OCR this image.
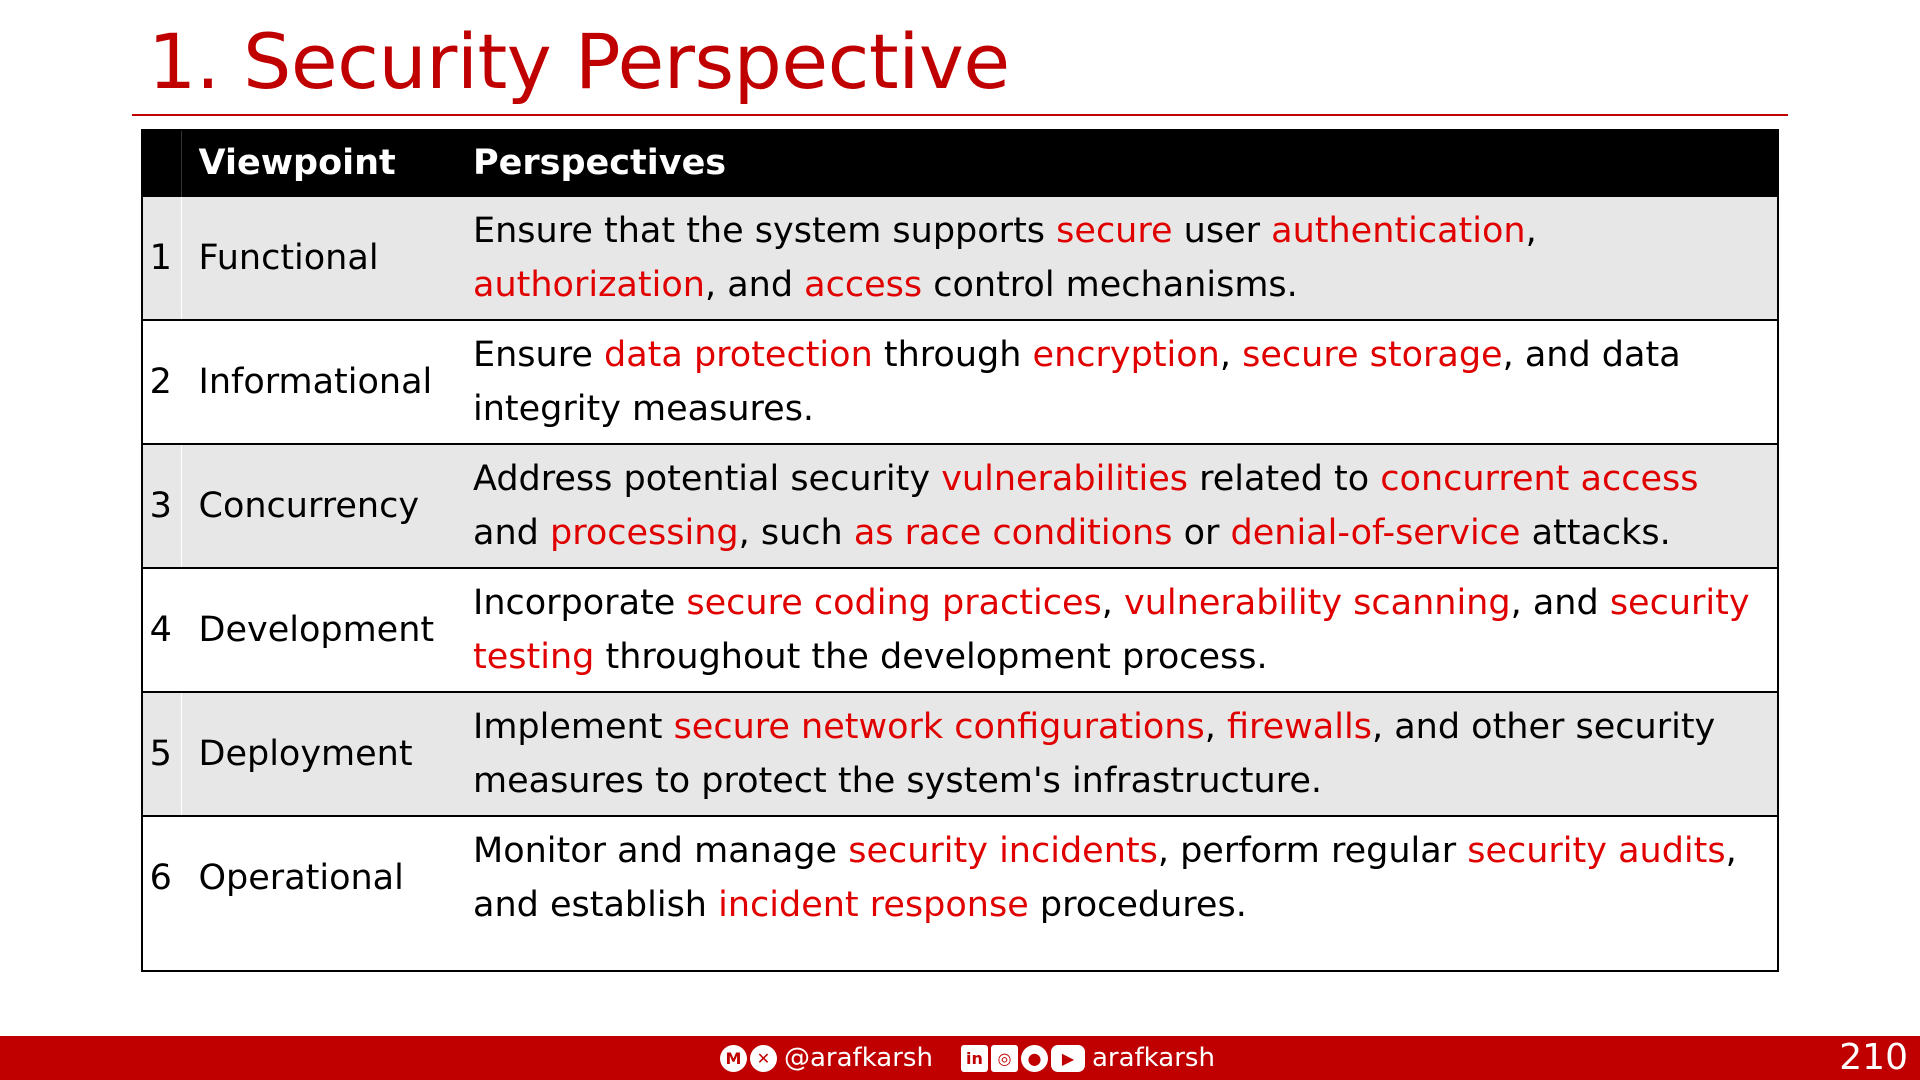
1. Security Perspective
	Viewpoint	Perspectives
1	Functional	Ensure that the system supports secure user authentication, authorization, and access control mechanisms.
2	Informational	Ensure data protection through encryption, secure storage, and data integrity measures.
3	Concurrency	Address potential security vulnerabilities related to concurrent access and processing, such as race conditions or denial-of-service attacks.
4	Development	Incorporate secure coding practices, vulnerability scanning, and security testing throughout the development process.
5	Deployment	Implement secure network configurations, firewalls, and other security measures to protect the system's infrastructure.
6	Operational	Monitor and manage security incidents, perform regular security audits, and establish incident response procedures.
M ✕ @arafkarsh	in ◎	●	▶ arafkarsh	210
